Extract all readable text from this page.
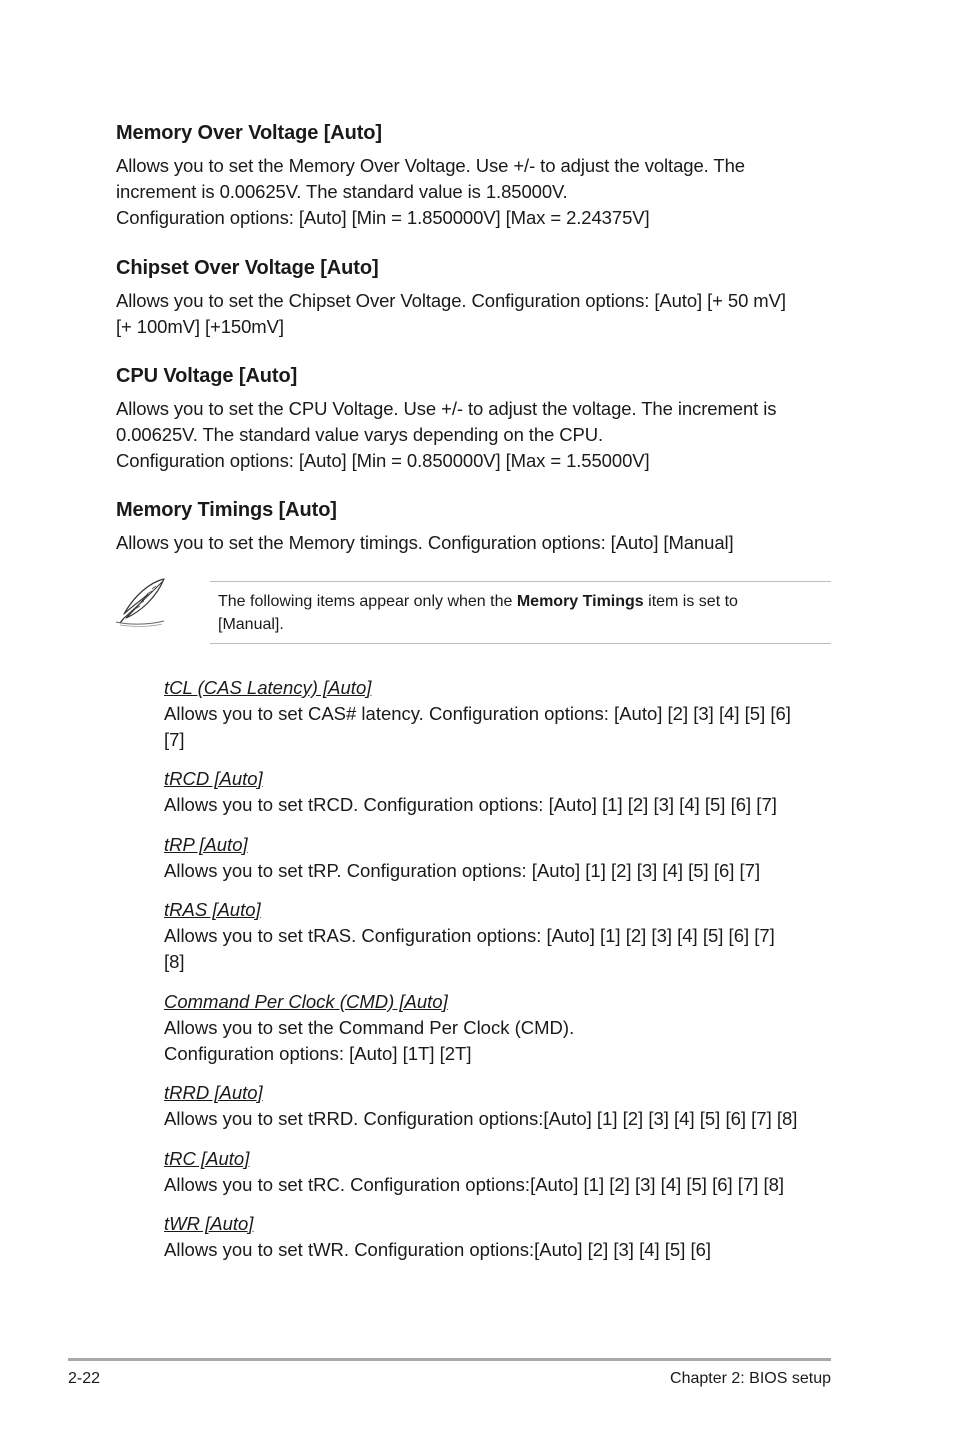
Memory Over Voltage [Auto]
Allows you to set the Memory Over Voltage. Use +/- to adjust the voltage. The
increment is 0.00625V. The standard value is 1.85000V.
Configuration options: [Auto] [Min = 1.850000V] [Max = 2.24375V]
Chipset Over Voltage [Auto]
Allows you to set the Chipset Over Voltage. Configuration options: [Auto] [+ 50 mV]
[+ 100mV] [+150mV]
CPU Voltage [Auto]
Allows you to set the CPU Voltage. Use +/- to adjust the voltage. The increment is
0.00625V. The standard value varys depending on the CPU.
Configuration options: [Auto] [Min = 0.850000V] [Max = 1.55000V]
Memory Timings [Auto]
Allows you to set the Memory timings. Configuration options: [Auto] [Manual]
The following items appear only when the Memory Timings item is set to
[Manual].
tCL (CAS Latency) [Auto]
Allows you to set CAS# latency. Configuration options: [Auto] [2] [3] [4] [5] [6]
[7]
tRCD [Auto]
Allows you to set tRCD. Configuration options: [Auto] [1] [2] [3] [4] [5] [6] [7]
tRP [Auto]
Allows you to set tRP. Configuration options: [Auto] [1] [2] [3] [4] [5] [6] [7]
tRAS [Auto]
Allows you to set tRAS. Configuration options: [Auto] [1] [2] [3] [4] [5] [6] [7]
[8]
Command Per Clock (CMD) [Auto]
Allows you to set the Command Per Clock (CMD).
Configuration options: [Auto] [1T] [2T]
tRRD [Auto]
Allows you to set tRRD. Configuration options:[Auto] [1] [2] [3] [4] [5] [6] [7] [8]
tRC [Auto]
Allows you to set tRC. Configuration options:[Auto] [1] [2] [3] [4] [5] [6] [7] [8]
tWR [Auto]
Allows you to set tWR. Configuration options:[Auto] [2] [3] [4] [5] [6]
2-22	Chapter 2: BIOS setup
